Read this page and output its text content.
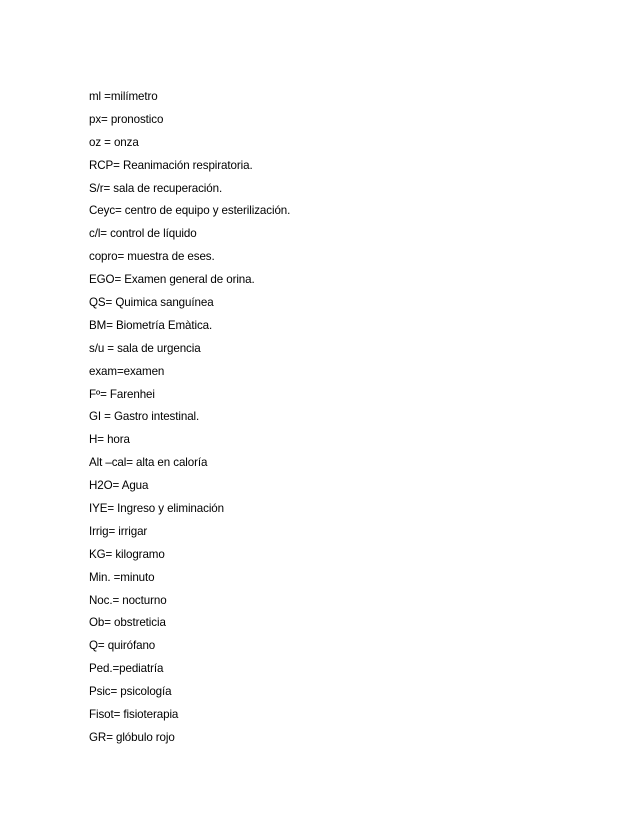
ml =milímetro
px= pronostico
oz = onza
RCP= Reanimación respiratoria.
S/r= sala de recuperación.
Ceyc= centro de equipo y esterilización.
c/l= control de líquido
copro= muestra de eses.
EGO= Examen general de orina.
QS= Quimica sanguínea
BM= Biometría Emàtica.
s/u = sala de urgencia
exam=examen
Fº= Farenhei
GI = Gastro intestinal.
H= hora
Alt –cal= alta en caloría
H2O= Agua
IYE= Ingreso y eliminación
Irrig= irrigar
KG= kilogramo
Min. =minuto
Noc.= nocturno
Ob= obstreticia
Q= quirófano
Ped.=pediatría
Psic= psicología
Fisot= fisioterapia
GR= glóbulo rojo
